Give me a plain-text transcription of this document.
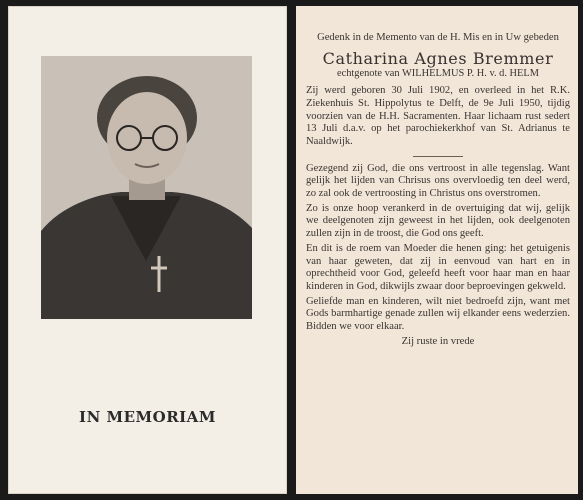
IN MEMORIAM
Gedenk in de Memento van de H. Mis en in Uw gebeden
Catharina Agnes Bremmer
echtgenote van WILHELMUS P. H. v. d. HELM
Zij werd geboren 30 Juli 1902, en overleed in het R.K. Ziekenhuis St. Hippolytus te Delft, de 9e Juli 1950, tijdig voorzien van de H.H. Sacramenten. Haar lichaam rust sedert 13 Juli d.a.v. op het parochiekerkhof van St. Adrianus te Naaldwijk.
Gezegend zij God, die ons vertroost in alle tegenslag. Want gelijk het lijden van Chrisus ons overvloedig ten deel werd, zo zal ook de vertroosting in Christus ons overstromen.
Zo is onze hoop verankerd in de overtuiging dat wij, gelijk we deelgenoten zijn geweest in het lijden, ook deelgenoten zullen zijn in de troost, die God ons geeft.
En dit is de roem van Moeder die henen ging: het getuigenis van haar geweten, dat zij in eenvoud van hart en in oprechtheid voor God, geleefd heeft voor haar man en haar kinderen in God, dikwijls zwaar door beproevingen gekweld.
Geliefde man en kinderen, wilt niet bedroefd zijn, want met Gods barmhartige genade zullen wij elkander eens wederzien. Bidden we voor elkaar.
Zij ruste in vrede
